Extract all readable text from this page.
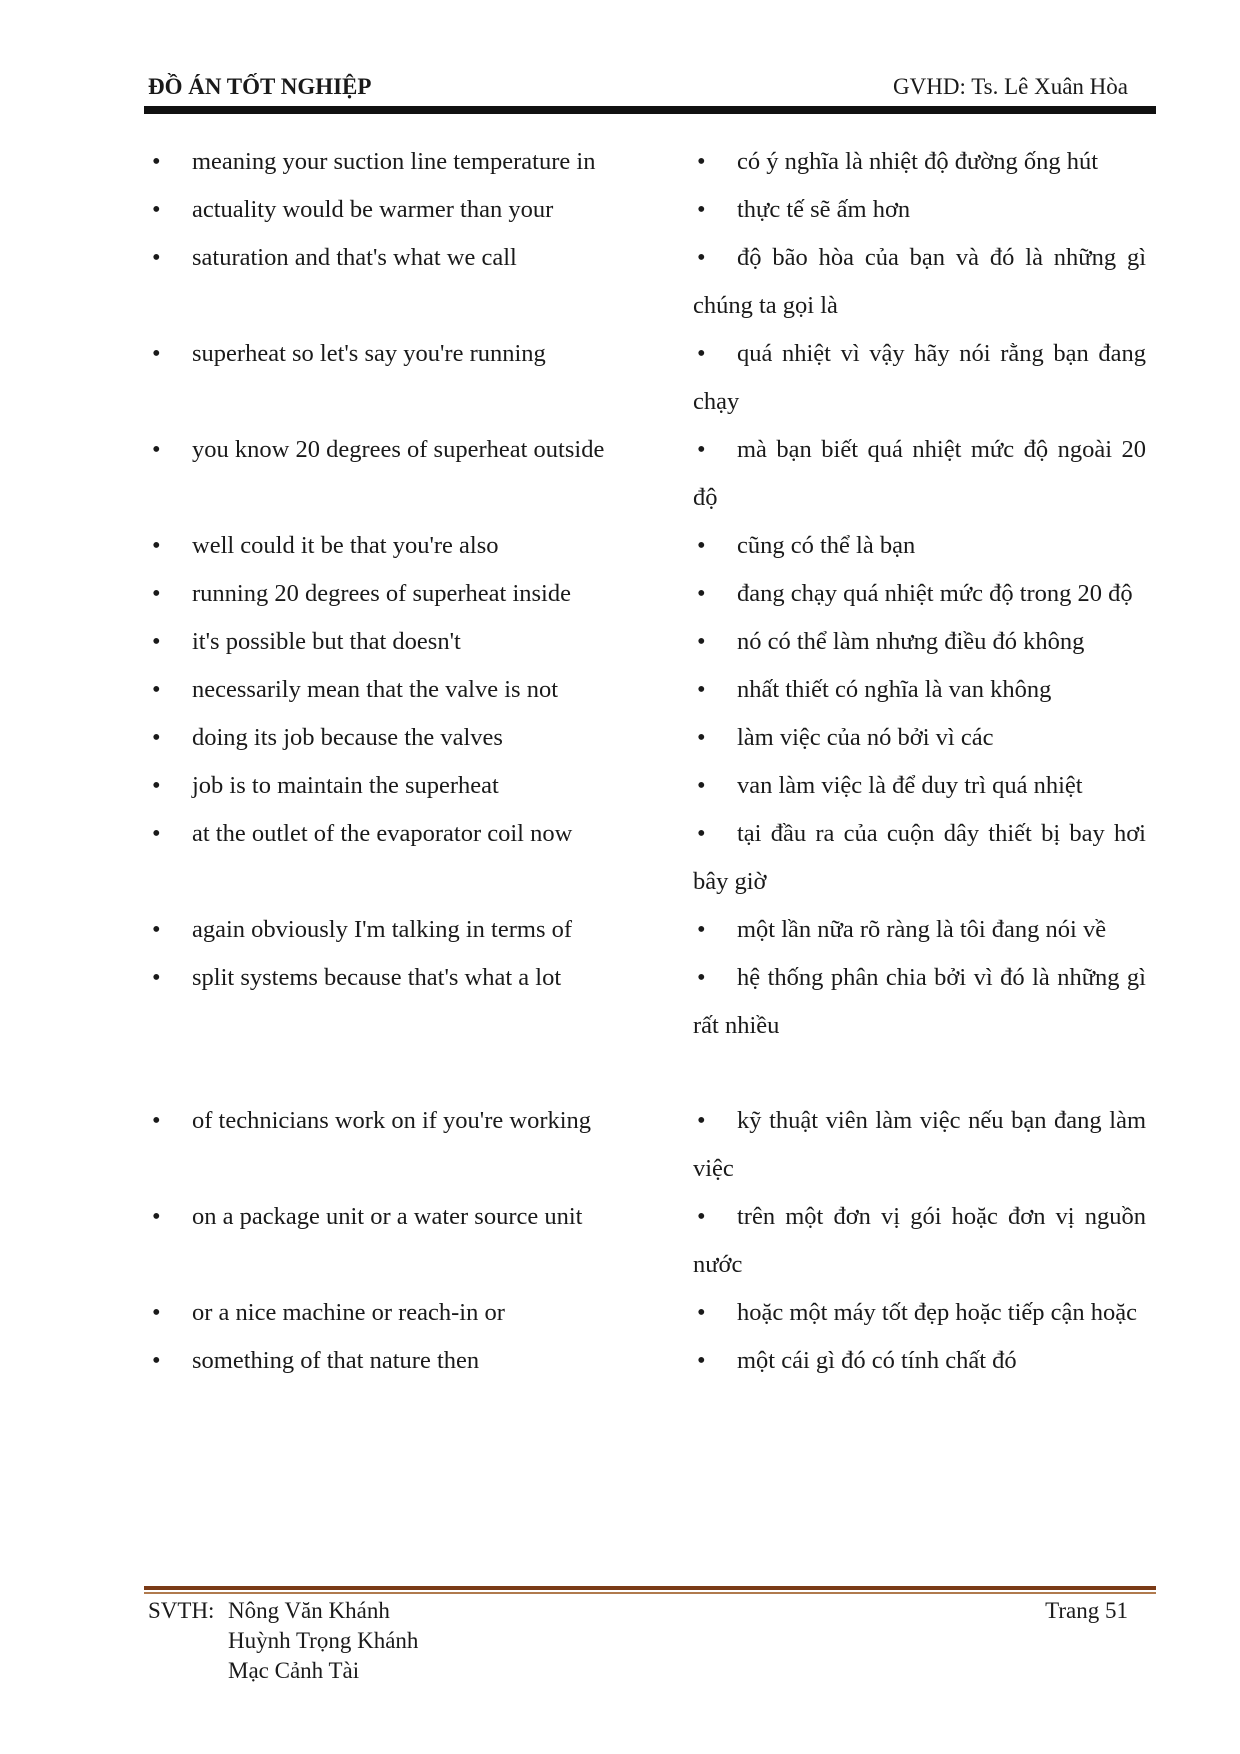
ĐỒ ÁN TỐT NGHIỆP	GVHD: Ts. Lê Xuân Hòa
• meaning your suction line temperature in	• có ý nghĩa là nhiệt độ đường ống hút
• actuality would be warmer than your	• thực tế sẽ ấm hơn
• saturation and that's what we call	• độ bão hòa của bạn và đó là những gì chúng ta gọi là
• superheat so let's say you're running	• quá nhiệt vì vậy hãy nói rằng bạn đang chạy
• you know 20 degrees of superheat outside	• mà bạn biết quá nhiệt mức độ ngoài 20 độ
• well could it be that you're also	• cũng có thể là bạn
• running 20 degrees of superheat inside	• đang chạy quá nhiệt mức độ trong 20 độ
• it's possible but that doesn't	• nó có thể làm nhưng điều đó không
• necessarily mean that the valve is not	• nhất thiết có nghĩa là van không
• doing its job because the valves	• làm việc của nó bởi vì các
• job is to maintain the superheat	• van làm việc là để duy trì quá nhiệt
• at the outlet of the evaporator coil now	• tại đầu ra của cuộn dây thiết bị bay hơi bây giờ
• again obviously I'm talking in terms of	• một lần nữa rõ ràng là tôi đang nói về
• split systems because that's what a lot	• hệ thống phân chia bởi vì đó là những gì rất nhiều
• of technicians work on if you're working	• kỹ thuật viên làm việc nếu bạn đang làm việc
• on a package unit or a water source unit	• trên một đơn vị gói hoặc đơn vị nguồn nước
• or a nice machine or reach-in or	• hoặc một máy tốt đẹp hoặc tiếp cận hoặc
• something of that nature then	• một cái gì đó có tính chất đó
SVTH: Nông Văn Khánh
Huỳnh Trọng Khánh
Mạc Cảnh Tài
Trang 51
